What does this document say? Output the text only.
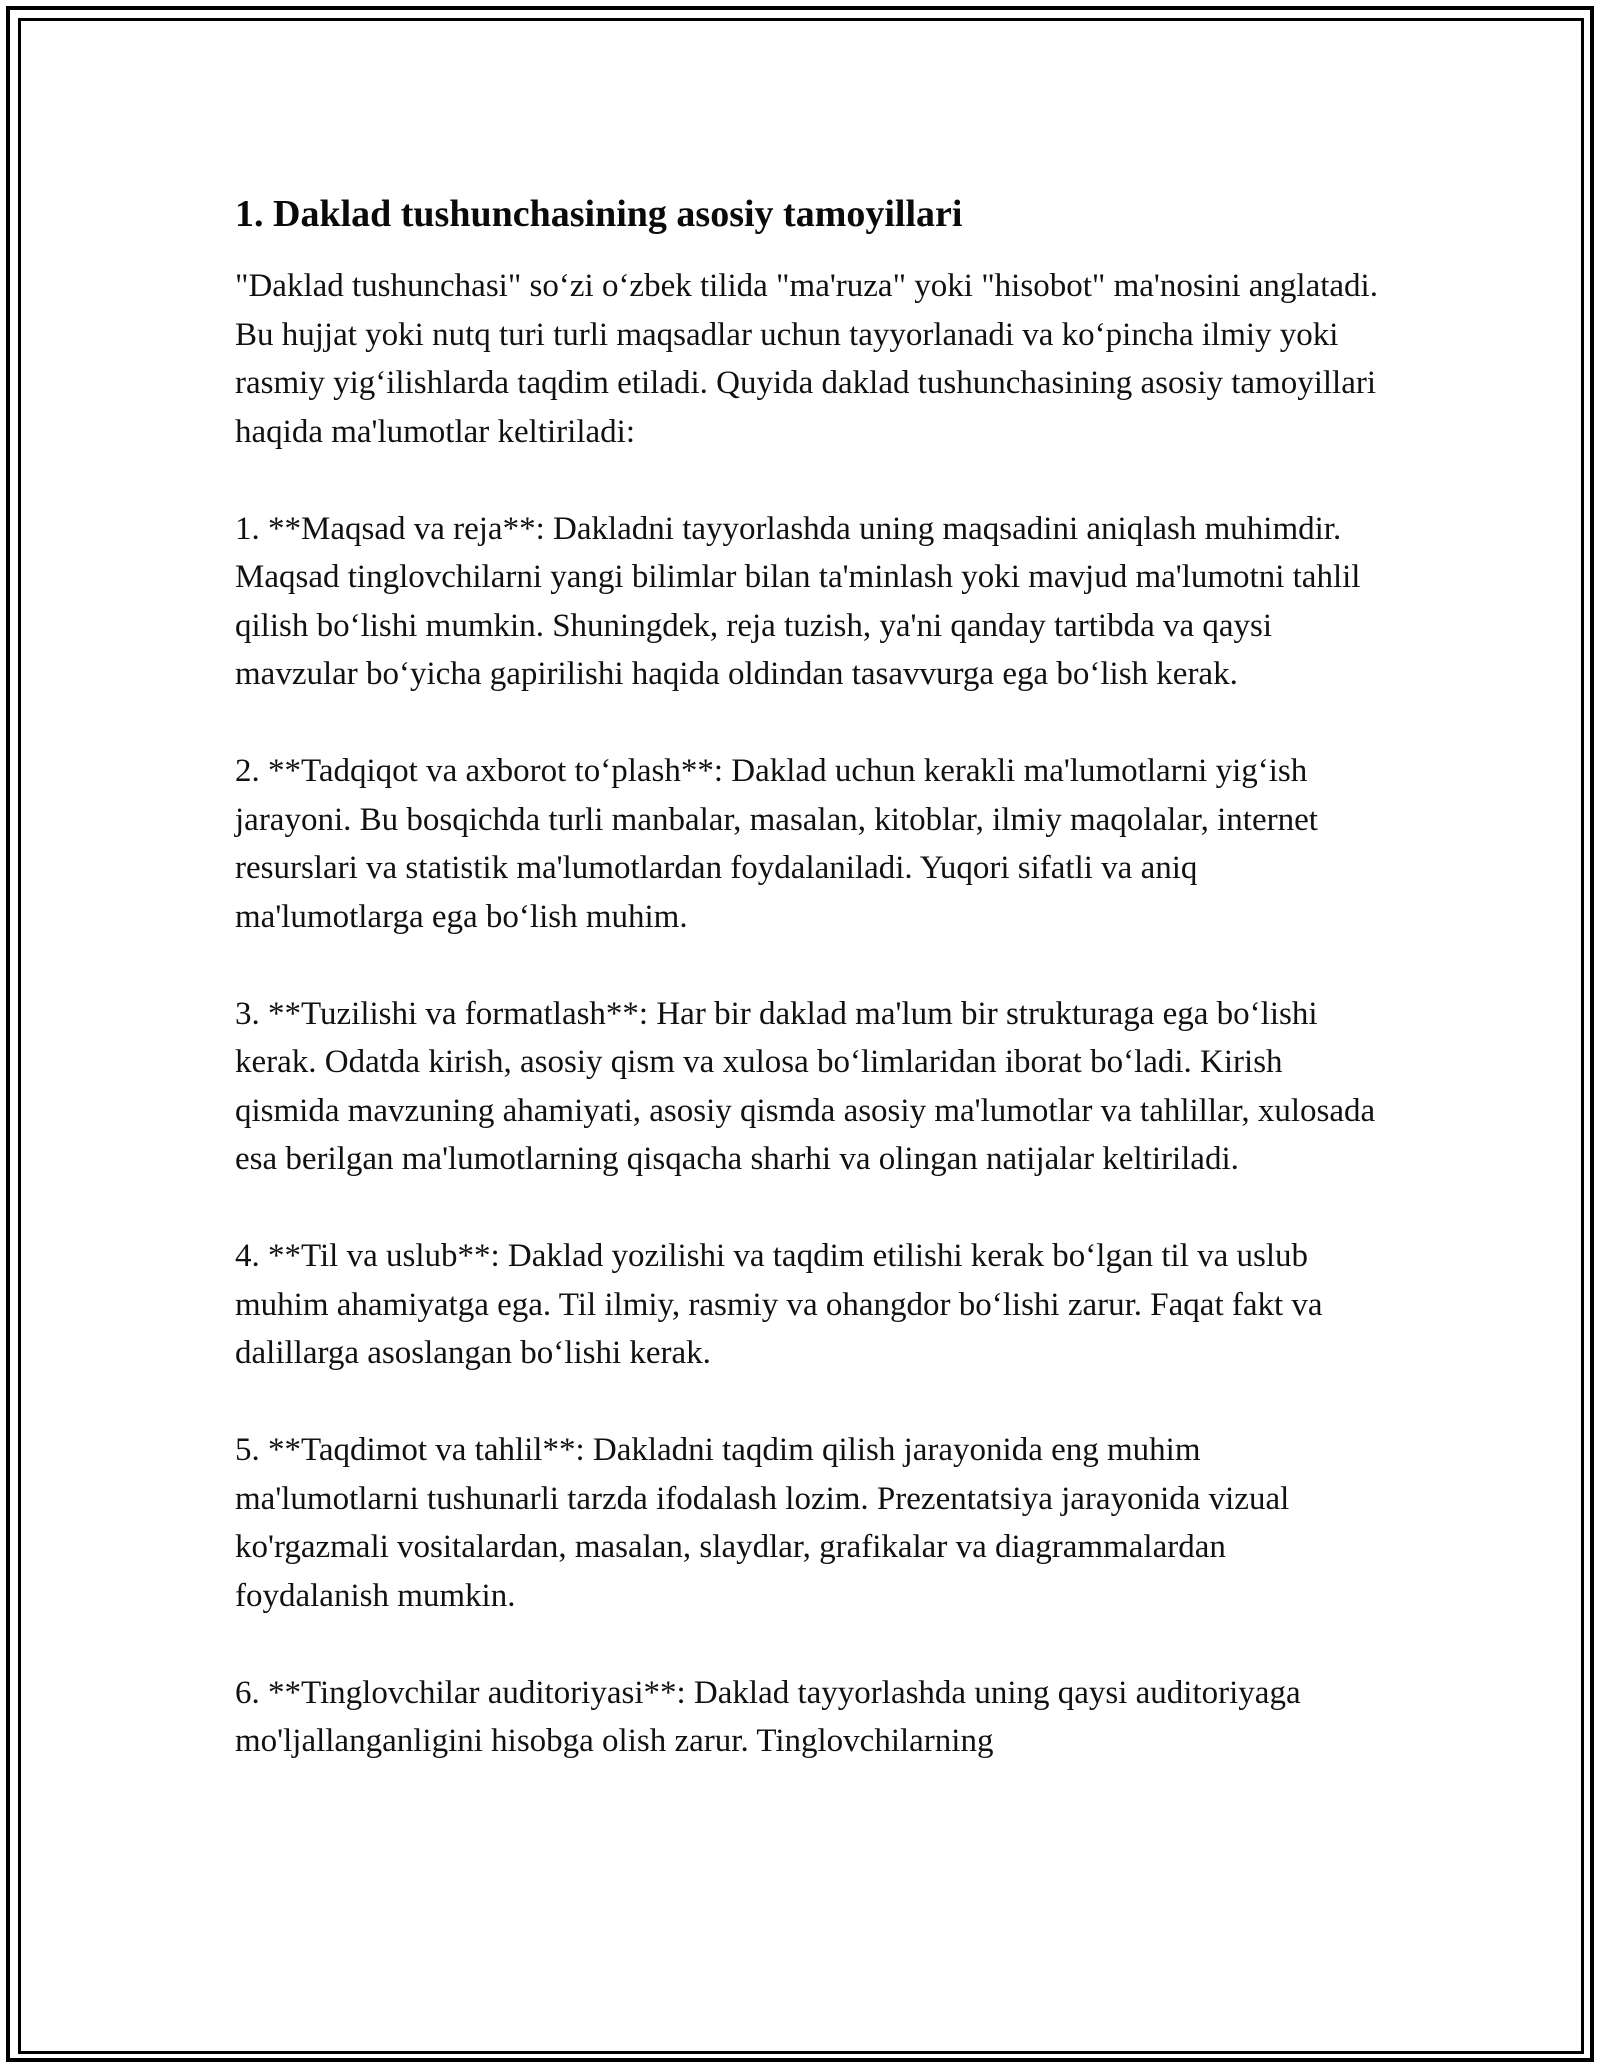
1. Daklad tushunchasining asosiy tamoyillari

"Daklad tushunchasi" so‘zi o‘zbek tilida "ma'ruza" yoki "hisobot" ma'nosini anglatadi. Bu hujjat yoki nutq turi turli maqsadlar uchun tayyorlanadi va ko‘pincha ilmiy yoki rasmiy yig‘ilishlarda taqdim etiladi. Quyida daklad tushunchasining asosiy tamoyillari haqida ma'lumotlar keltiriladi:

1. **Maqsad va reja**: Dakladni tayyorlashda uning maqsadini aniqlash muhimdir. Maqsad tinglovchilarni yangi bilimlar bilan ta'minlash yoki mavjud ma'lumotni tahlil qilish bo‘lishi mumkin. Shuningdek, reja tuzish, ya'ni qanday tartibda va qaysi mavzular bo‘yicha gapirilishi haqida oldindan tasavvurga ega bo‘lish kerak.

2. **Tadqiqot va axborot to‘plash**: Daklad uchun kerakli ma'lumotlarni yig‘ish jarayoni. Bu bosqichda turli manbalar, masalan, kitoblar, ilmiy maqolalar, internet resurslari va statistik ma'lumotlardan foydalaniladi. Yuqori sifatli va aniq ma'lumotlarga ega bo‘lish muhim.

3. **Tuzilishi va formatlash**: Har bir daklad ma'lum bir strukturaga ega bo‘lishi kerak. Odatda kirish, asosiy qism va xulosa bo‘limlaridan iborat bo‘ladi. Kirish qismida mavzuning ahamiyati, asosiy qismda asosiy ma'lumotlar va tahlillar, xulosada esa berilgan ma'lumotlarning qisqacha sharhi va olingan natijalar keltiriladi.

4. **Til va uslub**: Daklad yozilishi va taqdim etilishi kerak bo‘lgan til va uslub muhim ahamiyatga ega. Til ilmiy, rasmiy va ohangdor bo‘lishi zarur. Faqat fakt va dalillarga asoslangan bo‘lishi kerak.

5. **Taqdimot va tahlil**: Dakladni taqdim qilish jarayonida eng muhim ma'lumotlarni tushunarli tarzda ifodalash lozim. Prezentatsiya jarayonida vizual ko'rgazmali vositalardan, masalan, slaydlar, grafikalar va diagrammalardan foydalanish mumkin.

6. **Tinglovchilar auditoriyasi**: Daklad tayyorlashda uning qaysi auditoriyaga mo'ljallanganligini hisobga olish zarur. Tinglovchilarning
